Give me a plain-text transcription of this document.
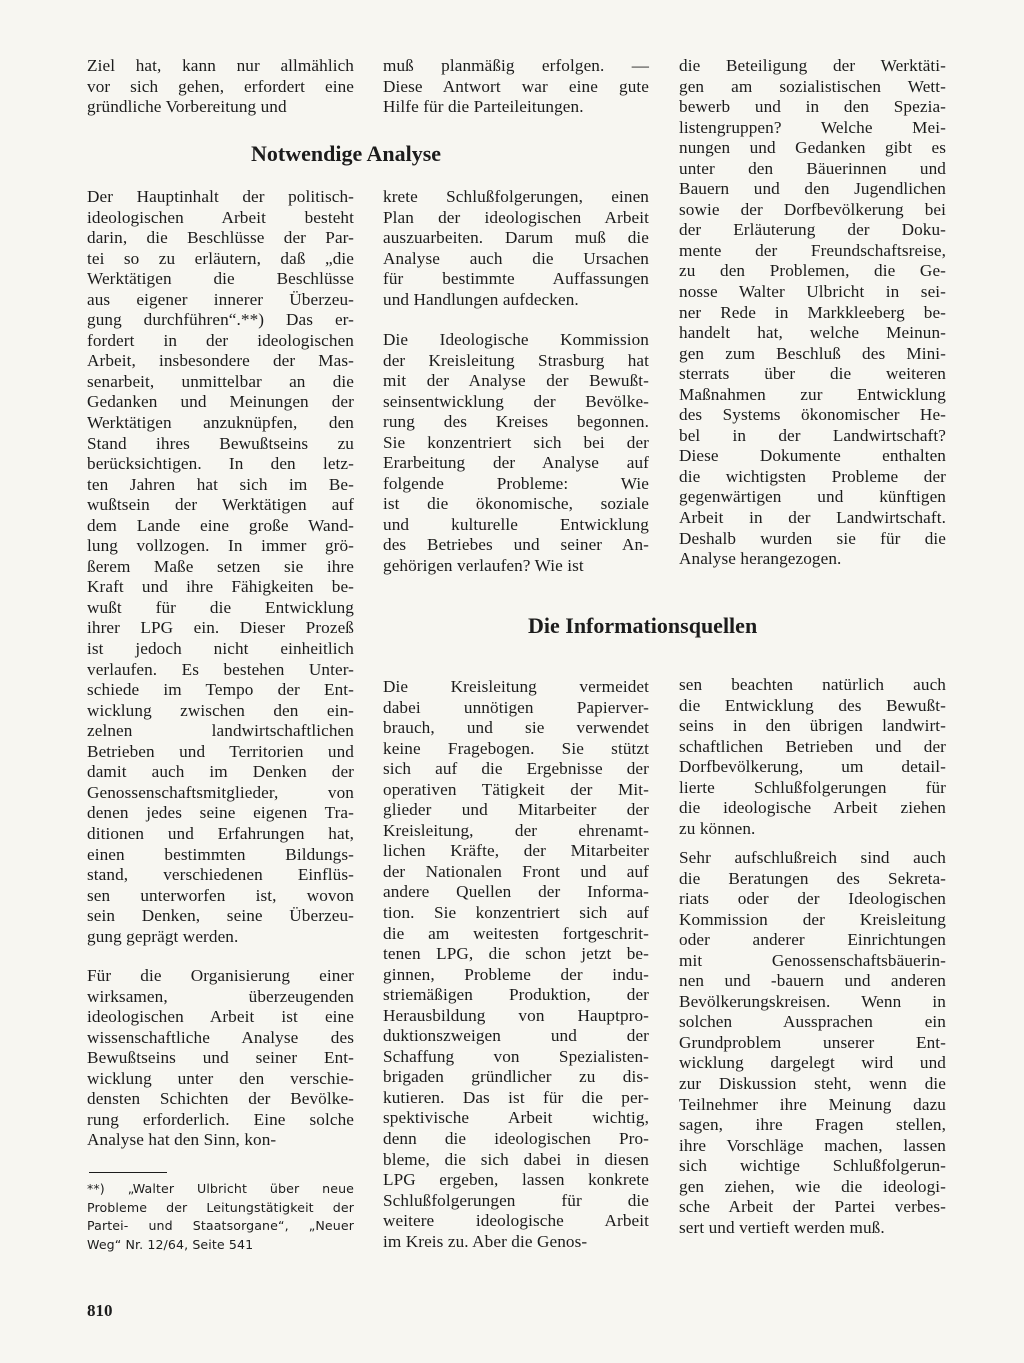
Ziel hat, kann nur allmählich
vor sich gehen, erfordert eine
gründliche Vorbereitung und
muß planmäßig erfolgen. —
Diese Antwort war eine gute
Hilfe für die Parteileitungen.
die Beteiligung der Werktäti-
gen am sozialistischen Wett-
bewerb und in den Spezia-
listengruppen? Welche Mei-
nungen und Gedanken gibt es
unter den Bäuerinnen und
Bauern und den Jugendlichen
sowie der Dorfbevölkerung bei
der Erläuterung der Doku-
mente der Freundschaftsreise,
zu den Problemen, die Ge-
nosse Walter Ulbricht in sei-
ner Rede in Markkleeberg be-
handelt hat, welche Meinun-
gen zum Beschluß des Mini-
sterrats über die weiteren
Maßnahmen zur Entwicklung
des Systems ökonomischer He-
bel in der Landwirtschaft?
Diese Dokumente enthalten
die wichtigsten Probleme der
gegenwärtigen und künftigen
Arbeit in der Landwirtschaft.
Deshalb wurden sie für die
Analyse herangezogen.
Notwendige Analyse
Der Hauptinhalt der politisch-
ideologischen Arbeit besteht
darin, die Beschlüsse der Par-
tei so zu erläutern, daß „die
Werktätigen die Beschlüsse
aus eigener innerer Überzeu-
gung durchführen“.**) Das er-
fordert in der ideologischen
Arbeit, insbesondere der Mas-
senarbeit, unmittelbar an die
Gedanken und Meinungen der
Werktätigen anzuknüpfen, den
Stand ihres Bewußtseins zu
berücksichtigen. In den letz-
ten Jahren hat sich im Be-
wußtsein der Werktätigen auf
dem Lande eine große Wand-
lung vollzogen. In immer grö-
ßerem Maße setzen sie ihre
Kraft und ihre Fähigkeiten be-
wußt für die Entwicklung
ihrer LPG ein. Dieser Prozeß
ist jedoch nicht einheitlich
verlaufen. Es bestehen Unter-
schiede im Tempo der Ent-
wicklung zwischen den ein-
zelnen landwirtschaftlichen
Betrieben und Territorien und
damit auch im Denken der
Genossenschaftsmitglieder, von
denen jedes seine eigenen Tra-
ditionen und Erfahrungen hat,
einen bestimmten Bildungs-
stand, verschiedenen Einflüs-
sen unterworfen ist, wovon
sein Denken, seine Überzeu-
gung geprägt werden.
Für die Organisierung einer
wirksamen, überzeugenden
ideologischen Arbeit ist eine
wissenschaftliche Analyse des
Bewußtseins und seiner Ent-
wicklung unter den verschie-
densten Schichten der Bevölke-
rung erforderlich. Eine solche
Analyse hat den Sinn, kon-
krete Schlußfolgerungen, einen
Plan der ideologischen Arbeit
auszuarbeiten. Darum muß die
Analyse auch die Ursachen
für bestimmte Auffassungen
und Handlungen aufdecken.
Die Ideologische Kommission
der Kreisleitung Strasburg hat
mit der Analyse der Bewußt-
seinsentwicklung der Bevölke-
rung des Kreises begonnen.
Sie konzentriert sich bei der
Erarbeitung der Analyse auf
folgende Probleme: Wie
ist die ökonomische, soziale
und kulturelle Entwicklung
des Betriebes und seiner An-
gehörigen verlaufen? Wie ist
Die Informationsquellen
Die Kreisleitung vermeidet
dabei unnötigen Papierver-
brauch, und sie verwendet
keine Fragebogen. Sie stützt
sich auf die Ergebnisse der
operativen Tätigkeit der Mit-
glieder und Mitarbeiter der
Kreisleitung, der ehrenamt-
lichen Kräfte, der Mitarbeiter
der Nationalen Front und auf
andere Quellen der Informa-
tion. Sie konzentriert sich auf
die am weitesten fortgeschrit-
tenen LPG, die schon jetzt be-
ginnen, Probleme der indu-
striemäßigen Produktion, der
Herausbildung von Hauptpro-
duktionszweigen und der
Schaffung von Spezialisten-
brigaden gründlicher zu dis-
kutieren. Das ist für die per-
spektivische Arbeit wichtig,
denn die ideologischen Pro-
bleme, die sich dabei in diesen
LPG ergeben, lassen konkrete
Schlußfolgerungen für die
weitere ideologische Arbeit
im Kreis zu. Aber die Genos-
sen beachten natürlich auch
die Entwicklung des Bewußt-
seins in den übrigen landwirt-
schaftlichen Betrieben und der
Dorfbevölkerung, um detail-
lierte Schlußfolgerungen für
die ideologische Arbeit ziehen
zu können.
Sehr aufschlußreich sind auch
die Beratungen des Sekreta-
riats oder der Ideologischen
Kommission der Kreisleitung
oder anderer Einrichtungen
mit Genossenschaftsbäuerin-
nen und -bauern und anderen
Bevölkerungskreisen. Wenn in
solchen Aussprachen ein
Grundproblem unserer Ent-
wicklung dargelegt wird und
zur Diskussion steht, wenn die
Teilnehmer ihre Meinung dazu
sagen, ihre Fragen stellen,
ihre Vorschläge machen, lassen
sich wichtige Schlußfolgerun-
gen ziehen, wie die ideologi-
sche Arbeit der Partei verbes-
sert und vertieft werden muß.
**) „Walter Ulbricht über neue
Probleme der Leitungstätigkeit der
Partei- und Staatsorgane“, „Neuer
Weg“ Nr. 12/64, Seite 541
810
